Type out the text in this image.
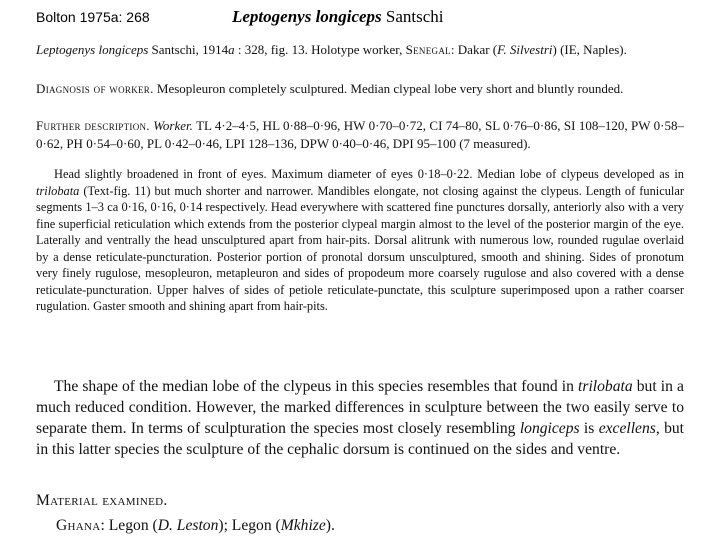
Bolton 1975a: 268	Leptogenys longiceps Santschi

Leptogenys longiceps Santschi, 1914a : 328, fig. 13. Holotype worker, Senegal: Dakar (F. Silvestri) (IE, Naples).

Diagnosis of worker. Mesopleuron completely sculptured. Median clypeal lobe very short and bluntly rounded.

Further description. Worker. TL 4·2–4·5, HL 0·88–0·96, HW 0·70–0·72, CI 74–80, SL 0·76–0·86, SI 108–120, PW 0·58–0·62, PH 0·54–0·60, PL 0·42–0·46, LPI 128–136, DPW 0·40–0·46, DPI 95–100 (7 measured).

Head slightly broadened in front of eyes. Maximum diameter of eyes 0·18–0·22. Median lobe of clypeus developed as in trilobata (Text-fig. 11) but much shorter and narrower. Mandibles elongate, not closing against the clypeus. Length of funicular segments 1–3 ca 0·16, 0·16, 0·14 respectively. Head everywhere with scattered fine punctures dorsally, anteriorly also with a very fine superficial reticulation which extends from the posterior clypeal margin almost to the level of the posterior margin of the eye. Laterally and ventrally the head unsculptured apart from hair-pits. Dorsal alitrunk with numerous low, rounded rugulae overlaid by a dense reticulate-puncturation. Posterior portion of pronotal dorsum unsculptured, smooth and shining. Sides of pronotum very finely rugulose, mesopleuron, metapleuron and sides of propodeum more coarsely rugulose and also covered with a dense reticulate-puncturation. Upper halves of sides of petiole reticulate-punctate, this sculpture superimposed upon a rather coarser rugulation. Gaster smooth and shining apart from hair-pits.

The shape of the median lobe of the clypeus in this species resembles that found in trilobata but in a much reduced condition. However, the marked differences in sculpture between the two easily serve to separate them. In terms of sculpturation the species most closely resembling longiceps is excellens, but in this latter species the sculpture of the cephalic dorsum is continued on the sides and ventre.

Material examined.

Ghana: Legon (D. Leston); Legon (Mkhize).
